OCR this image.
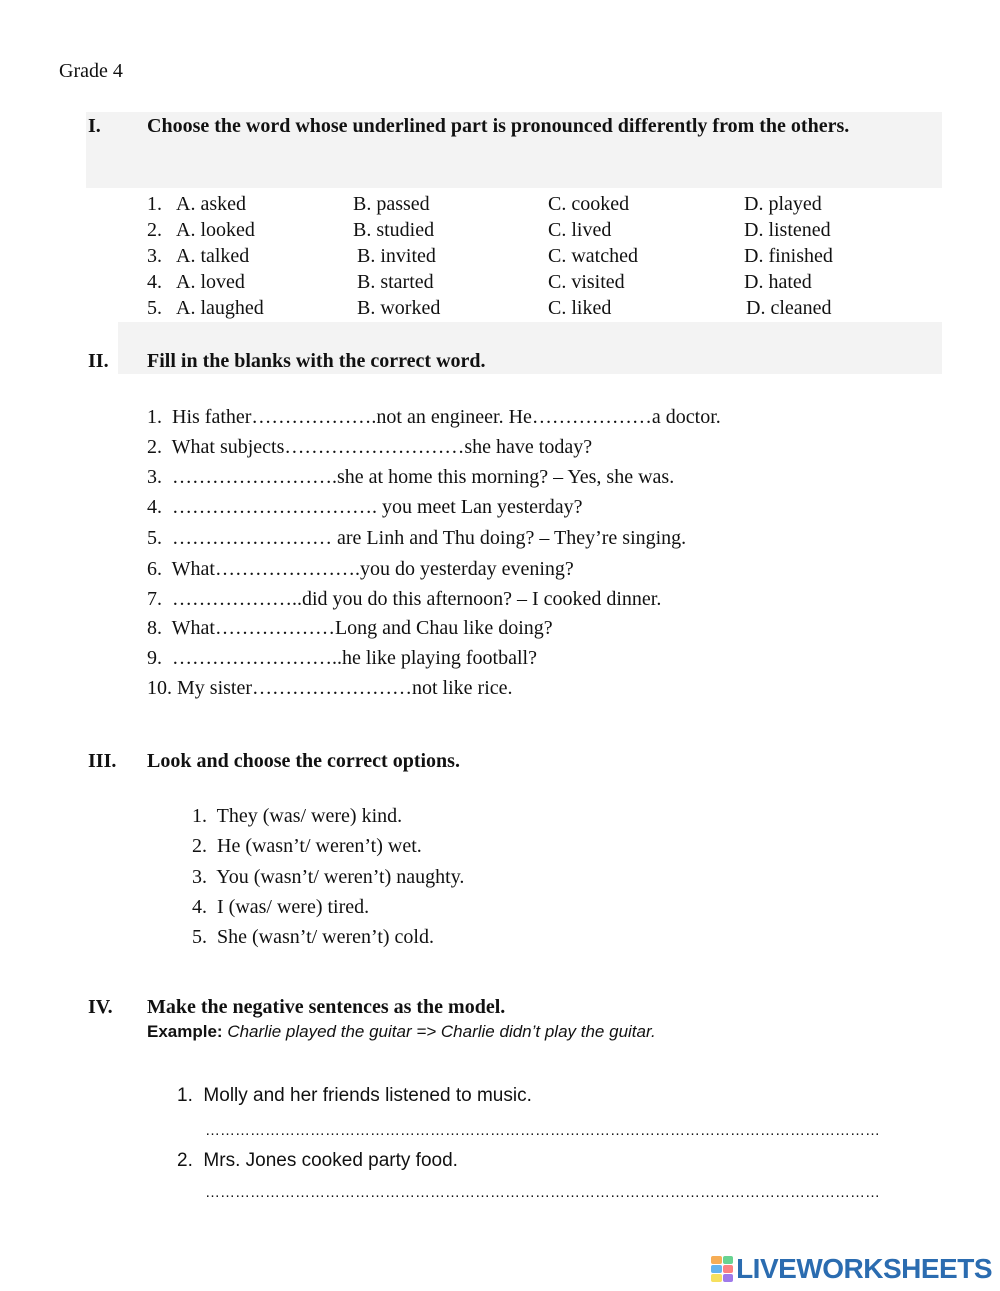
Grade 4
I. Choose the word whose underlined part is pronounced differently from the others.
1. A. asked	B. passed	C. cooked	D. played
2. A. looked	B. studied	C. lived	D. listened
3. A. talked	B. invited	C. watched	D. finished
4. A. loved	B. started	C. visited	D. hated
5. A. laughed	B. worked	C. liked	D. cleaned
II. Fill in the blanks with the correct word.
1. His father……………….not an engineer. He………………a doctor.
2. What subjects………………………she have today?
3. …………………….she at home this morning? – Yes, she was.
4. …………………………. you meet Lan yesterday?
5. …………………… are Linh and Thu doing? – They’re singing.
6. What………………….you do yesterday evening?
7. ………………..did you do this afternoon? – I cooked dinner.
8. What………………Long and Chau like doing?
9. ……………………..he like playing football?
10. My sister……………………not like rice.
III. Look and choose the correct options.
1. They (was/ were) kind.
2. He (wasn’t/ weren’t) wet.
3. You (wasn’t/ weren’t) naughty.
4. I (was/ were) tired.
5. She (wasn’t/ weren’t) cold.
IV. Make the negative sentences as the model.
Example: Charlie played the guitar => Charlie didn’t play the guitar.
1. Molly and her friends listened to music.
………………………………………………………………………………………………………………………
2. Mrs. Jones cooked party food.
………………………………………………………………………………………………………………………
LIVEWORKSHEETS
